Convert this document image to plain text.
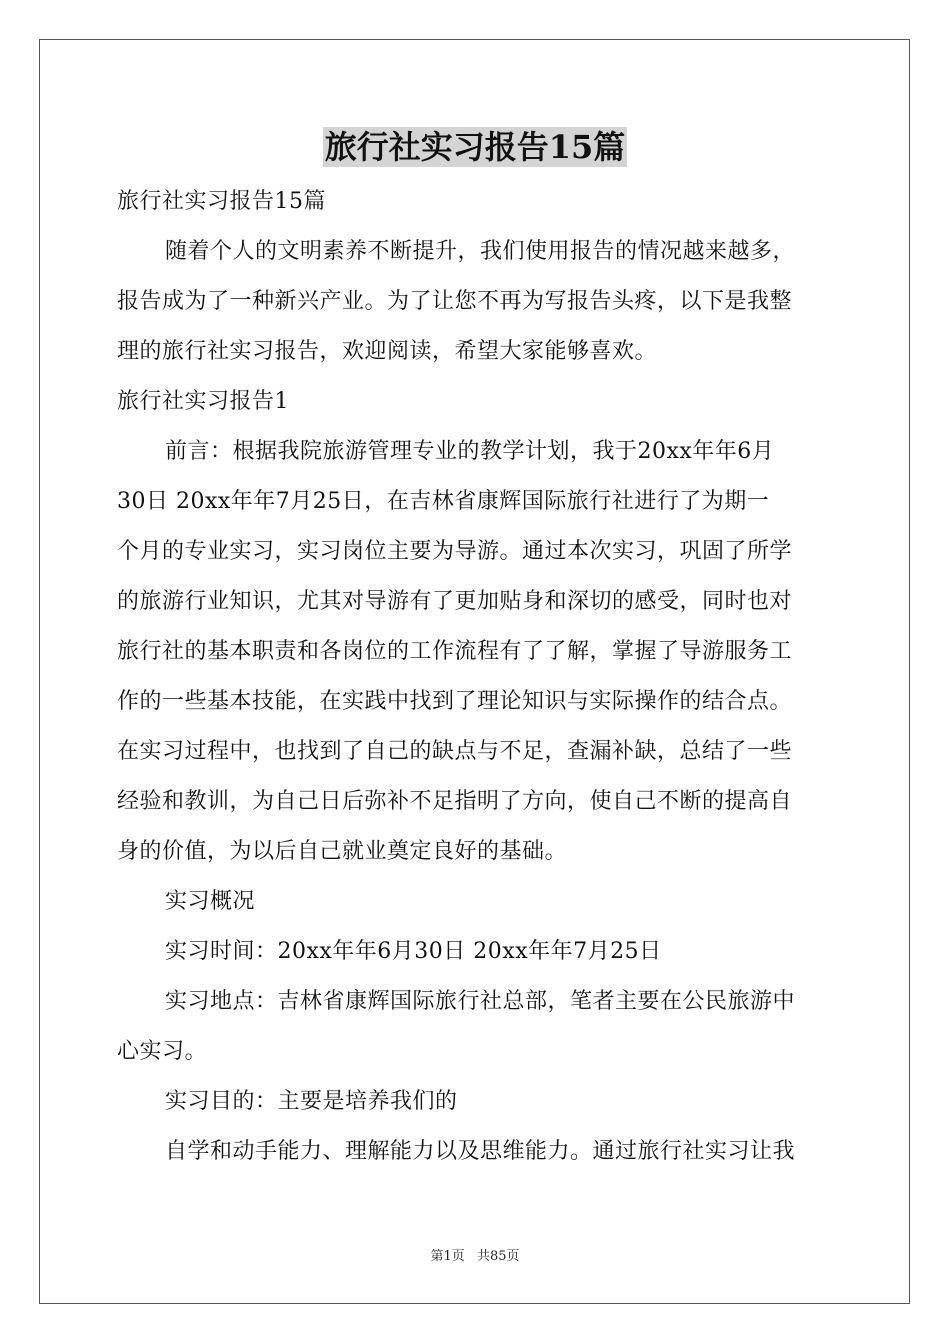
旅行社实习报告15篇
旅行社实习报告15篇
随着个人的文明素养不断提升，我们使用报告的情况越来越多，
报告成为了一种新兴产业。为了让您不再为写报告头疼，以下是我整
理的旅行社实习报告，欢迎阅读，希望大家能够喜欢。
旅行社实习报告1
前言：根据我院旅游管理专业的教学计划，我于20xx年年6月
30日 20xx年年7月25日，在吉林省康辉国际旅行社进行了为期一
个月的专业实习，实习岗位主要为导游。通过本次实习，巩固了所学
的旅游行业知识，尤其对导游有了更加贴身和深切的感受，同时也对
旅行社的基本职责和各岗位的工作流程有了了解，掌握了导游服务工
作的一些基本技能，在实践中找到了理论知识与实际操作的结合点。
在实习过程中，也找到了自己的缺点与不足，查漏补缺，总结了一些
经验和教训，为自己日后弥补不足指明了方向，使自己不断的提高自
身的价值，为以后自己就业奠定良好的基础。
实习概况
实习时间：20xx年年6月30日 20xx年年7月25日
实习地点：吉林省康辉国际旅行社总部，笔者主要在公民旅游中
心实习。
实习目的：主要是培养我们的
自学和动手能力、理解能力以及思维能力。通过旅行社实习让我
第1页 共85页
